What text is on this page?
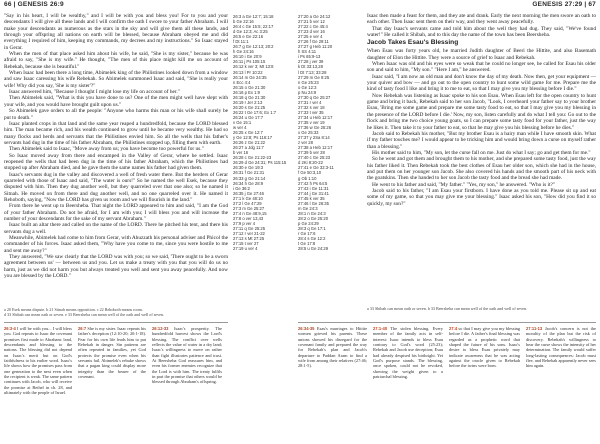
66 | GENESIS 26:9	GENESIS 27:29 | 67

"Say in his heart, I will be wealthy," and I will be with you and bless you! For to you and your descendants I will give all these lands and I will confirm the oath I swore to your father Abraham. I will make your descendants as numerous as the stars in the sky and will give them all these lands, and through your offspring all nations on earth will be blessed, because Abraham obeyed me and did everything I required of him, keeping my commands, my decrees and my instructions." So Isaac stayed in Gerar.

When the men of that place asked him about his wife, he said, "She is my sister," because he was afraid to say, "She is my wife." He thought, "The men of this place might kill me on account of Rebekah, because she is beautiful."

When Isaac had been there a long time, Abimelek king of the Philistines looked down from a window and saw Isaac caressing his wife Rebekah. So Abimelek summoned Isaac and said, "She is really your wife! Why did you say, 'She is my sister'?"

Isaac answered him, "Because I thought I might lose my life on account of her."

Then Abimelek said, "What is this you have done to us? One of the men might well have slept with your wife, and you would have brought guilt upon us."

So Abimelek gave orders to all the people: "Anyone who harms this man or his wife shall surely be put to death."

Isaac planted crops in that land and the same year reaped a hundredfold, because the LORD blessed him. The man became rich, and his wealth continued to grow until he became very wealthy. He had so many flocks and herds and servants that the Philistines envied him. So all the wells that his father's servants had dug in the time of his father Abraham, the Philistines stopped up, filling them with earth.

Then Abimelek said to Isaac, "Move away from us; you have become too powerful for us."

So Isaac moved away from there and encamped in the Valley of Gerar, where he settled. Isaac reopened the wells that had been dug in the time of his father Abraham, which the Philistines had stopped up after Abraham died, and he gave them the same names his father had given them.

Isaac's servants dug in the valley and discovered a well of fresh water there. But the herders of Gerar quarreled with those of Isaac and said, "The water is ours!" So he named the well Esek, because they disputed with him. Then they dug another well, but they quarreled over that one also; so he named it Sitnah. He moved on from there and dug another well, and no one quarreled over it. He named it Rehoboth, saying, "Now the LORD has given us room and we will flourish in the land."

From there he went up to Beersheba. That night the LORD appeared to him and said, "I am the God of your father Abraham. Do not be afraid, for I am with you; I will bless you and will increase the number of your descendants for the sake of my servant Abraham."

Isaac built an altar there and called on the name of the LORD. There he pitched his tent, and there his servants dug a well.

Meanwhile, Abimelek had come to him from Gerar, with Ahuzzath his personal adviser and Phicol the commander of his forces. Isaac asked them, "Why have you come to me, since you were hostile to me and sent me away?"

They answered, "We saw clearly that the LORD was with you; so we said, 'There ought to be a sworn agreement between us' — between us and you. Let us make a treaty with you that you will do us no harm, just as we did not harm you but always treated you well and sent you away peacefully. And now you are blessed by the LORD."

26:3 a Ge 12:7; 15:18
b Ge 22:16
26:4 c Ge 15:5; 22:17
d Ge 12:3; Ac 3:25
26:5 e Ge 22:16
f Dt 11:1
26:7 g Ge 12:13; 20:2
h Ge 24:16
26:10 i Ge 20:9
26:11 j Ps 105:15
26:12 k ver 3; Mt 13:8
26:13 l Pr 10:22
26:14 m Ge 24:35
n Ecc 4:4
26:15 o Ge 21:30
26:16 p Ex 1:9
26:18 q Ge 21:30
26:19 r Jer 2:13
26:20 s Ge 21:25
26:22 t Ge 17:6; Ex 1:7
26:24 u Ge 17:7
v Ge 15:1
w ver 4
26:25 x Ge 12:7
y Ge 12:8; Ps 116:17
26:26 z Ge 21:22
26:27 a Jdg 11:7
b ver 16
26:28 c Ge 21:22-23
26:29 d Ge 24:31; Ps 115:15
26:30 e Ge 19:3
26:31 f Ge 21:31
26:33 g Ge 21:14
26:34 h Ge 28:9
i Ge 36:2
26:35 j Ge 27:46
27:1 k Ge 48:10
27:2 l Ge 47:29
27:3 m Ge 25:27
27:4 n Ge 48:9,15
27:8 o ver 13,43
27:9 p ver 4
27:11 q Ge 25:25
27:12 r ver 21-22
27:13 s Mt 27:25
27:15 t ver 27
27:19 u ver 4
27:20 a Ge 24:12
27:21 b ver 12
27:22 c Ge 45:4
27:23 d ver 16
27:25 e ver 4
27:26 f Ge 29:11
27:27 g Heb 11:20
h SS 4:11
i Ps 65:9-13
27:28 j ver 39
k Dt 33:13,28
l Dt 7:13; 33:28
27:29 m Ge 9:25
n Ge 25:23
o Ge 12:3
p Nu 24:9
27:30 q Ge 25:27
27:31 r ver 4
27:32 s ver 18
27:33 t ver 35
27:34 u Heb 12:17
27:35 v ver 19
27:36 w Ge 25:26
x Ge 25:33
27:37 y 2Sa 8:14
z ver 28
27:38 a Heb 12:17
27:39 b ver 28
27:40 c Ge 25:23
d 2Ki 8:20-22
27:41 e Ge 32:3-11
f Ge 50:3,10
g Ob 1:10
27:42 h Ps 64:5
27:43 i Ge 11:31
27:44 j Ge 31:41
27:45 k ver 35
27:46 l Ge 26:35
m Ge 24:3
28:1 n Ge 24:3
28:2 o Ge 25:20
p Ge 24:29
28:3 q Ge 17:1
r Ge 17:6
28:4 s Ge 12:2
t Ge 17:8
28:5 u Ge 24:29

Isaac then made a feast for them, and they ate and drank. Early the next morning the men swore an oath to each other. Then Isaac sent them on their way, and they went away peacefully.

That day Isaac's servants came and told him about the well they had dug. They said, "We've found water!" He called it Shibah, and to this day the name of the town has been Beersheba.

Jacob Takes Esau's Blessing

When Esau was forty years old, he married Judith daughter of Beeri the Hittite, and also Basemath daughter of Elon the Hittite. They were a source of grief to Isaac and Rebekah.

When Isaac was old and his eyes were so weak that he could no longer see, he called for Esau his older son and said to him, "My son." "Here I am," he answered.

Isaac said, "I am now an old man and don't know the day of my death. Now then, get your equipment — your quiver and bow — and go out to the open country to hunt some wild game for me. Prepare me the kind of tasty food I like and bring it to me to eat, so that I may give you my blessing before I die."

Now Rebekah was listening as Isaac spoke to his son Esau. When Esau left for the open country to hunt game and bring it back, Rebekah said to her son Jacob, "Look, I overheard your father say to your brother Esau, 'Bring me some game and prepare me some tasty food to eat, so that I may give you my blessing in the presence of the LORD before I die.' Now, my son, listen carefully and do what I tell you: Go out to the flock and bring me two choice young goats, so I can prepare some tasty food for your father, just the way he likes it. Then take it to your father to eat, so that he may give you his blessing before he dies."

Jacob said to Rebekah his mother, "But my brother Esau is a hairy man while I have smooth skin. What if my father touches me? I would appear to be tricking him and would bring down a curse on myself rather than a blessing."

His mother said to him, "My son, let the curse fall on me. Just do what I say; go and get them for me."

So he went and got them and brought them to his mother, and she prepared some tasty food, just the way his father liked it. Then Rebekah took the best clothes of Esau her older son, which she had in the house, and put them on her younger son Jacob. She also covered his hands and the smooth part of his neck with the goatskins. Then she handed to her son Jacob the tasty food and the bread she had made.

He went to his father and said, "My father." "Yes, my son," he answered. "Who is it?"

Jacob said to his father, "I am Esau your firstborn. I have done as you told me. Please sit up and eat some of my game, so that you may give me your blessing." Isaac asked his son, "How did you find it so quickly, my son?"

a 20 Esek means dispute. b 21 Sitnah means opposition. c 22 Rehoboth means room.
d 33 Shibah can mean oath or seven. e 33 Beersheba can mean well of the oath and well of seven.
a 33 Shibah can mean oath or seven. b 33 Beersheba can mean well of the oath and well of seven.

26:3-4 I will be with you... I will bless you. God repeats to Isaac the covenant promises first made to Abraham: land, descendants and blessing to the nations. The blessing did not depend on Isaac's merit but on God's faithfulness to his earlier word. Isaac's life shows how the promises pass from one generation to the next even when the recipient is weak. The same pattern continues with Jacob, who will receive the promise at Bethel in ch. 28, and ultimately with the people of Israel.

26:7 She is my sister. Isaac repeats his father's deception (12:10-20; 20:1-18). Fear for his own life leads him to put Rebekah in danger. Sin patterns are often repeated in families, yet God protects the promise even when his servants fail. Abimelek's rebuke shows that a pagan king could display more integrity than the bearer of the covenant.

26:12-33 Isaac's prosperity. The hundredfold harvest shows the Lord's blessing. The conflict over wells reflects the value of water in a dry land; Isaac's willingness to move on rather than fight illustrates patience and trust. At Beersheba God reassures him, and even his former enemies recognize that the Lord is with him. The treaty fulfils in part the promise that others would be blessed through Abraham's offspring.

26:34-35 Esau's marriages to Hittite women grieved his parents. These unions showed his disregard for the covenant family and prepared the way for Rebekah's plan and Jacob's departure to Paddan Aram to find a wife from among their relatives (27:46; 28:1-5).

27:1-40 The stolen blessing. Every member of the family acts in self-interest: Isaac intends to bless Esau contrary to God's word (25:23); Rebekah and Jacob use deception; Esau had already despised his birthright. Yet God's purpose stands. The blessing, once spoken, could not be revoked, showing the weight given to a patriarchal blessing.

27:4 so that I may give you my blessing before I die. A father's final blessing was regarded as a prophetic word that shaped the future of his sons. Isaac's desire to bless Esau privately may indicate awareness that he was acting against the oracle given to Rebekah before the twins were born.

27:11-13 Jacob's concern is not the morality of the plan but the risk of discovery. Rebekah's willingness to bear the curse shows the intensity of her determination. The family would suffer long-lasting consequences: Jacob must flee, and Rebekah apparently never sees him again.
